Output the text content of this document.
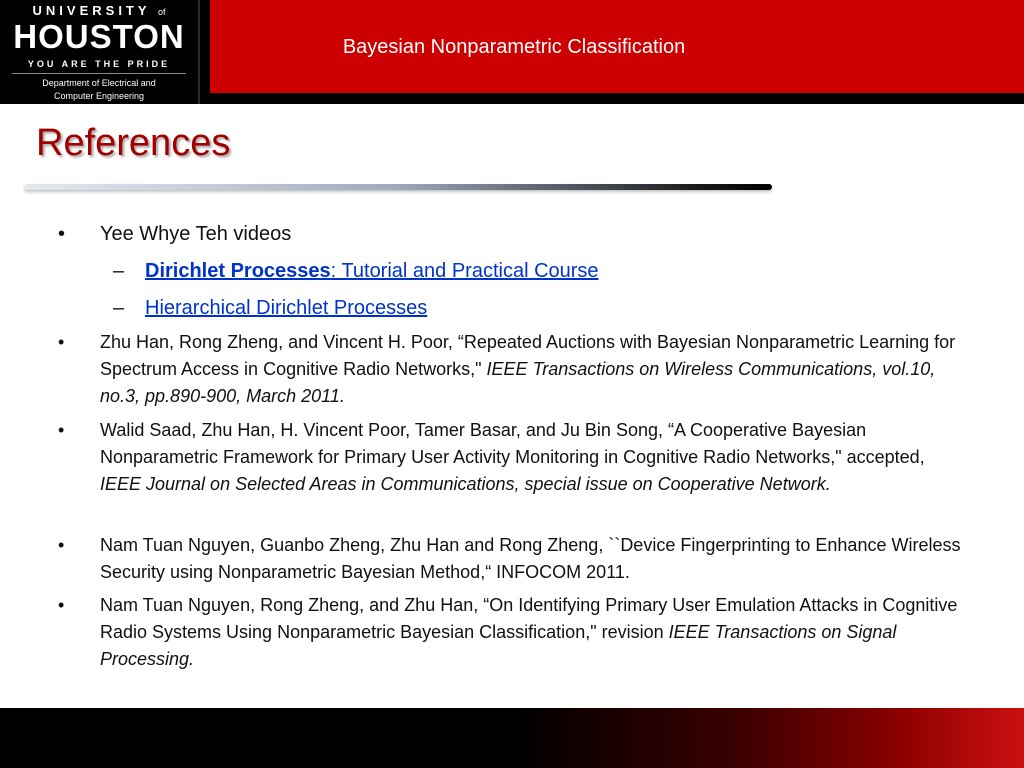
Bayesian Nonparametric Classification
UNIVERSITY of
HOUSTON
YOU ARE THE PRIDE
Department of Electrical and
Computer Engineering
References
• Yee Whye Teh videos
– Dirichlet Processes: Tutorial and Practical Course
– Hierarchical Dirichlet Processes
• Zhu Han, Rong Zheng, and Vincent H. Poor, “Repeated Auctions with Bayesian Nonparametric Learning for Spectrum Access in Cognitive Radio Networks," IEEE Transactions on Wireless Communications, vol.10, no.3, pp.890-900, March 2011.
• Walid Saad, Zhu Han, H. Vincent Poor, Tamer Basar, and Ju Bin Song, “A Cooperative Bayesian Nonparametric Framework for Primary User Activity Monitoring in Cognitive Radio Networks," accepted, IEEE Journal on Selected Areas in Communications, special issue on Cooperative Network.
• Nam Tuan Nguyen, Guanbo Zheng, Zhu Han and Rong Zheng, ``Device Fingerprinting to Enhance Wireless Security using Nonparametric Bayesian Method,“ INFOCOM 2011.
• Nam Tuan Nguyen, Rong Zheng, and Zhu Han, “On Identifying Primary User Emulation Attacks in Cognitive Radio Systems Using Nonparametric Bayesian Classification," revision IEEE Transactions on Signal Processing.
